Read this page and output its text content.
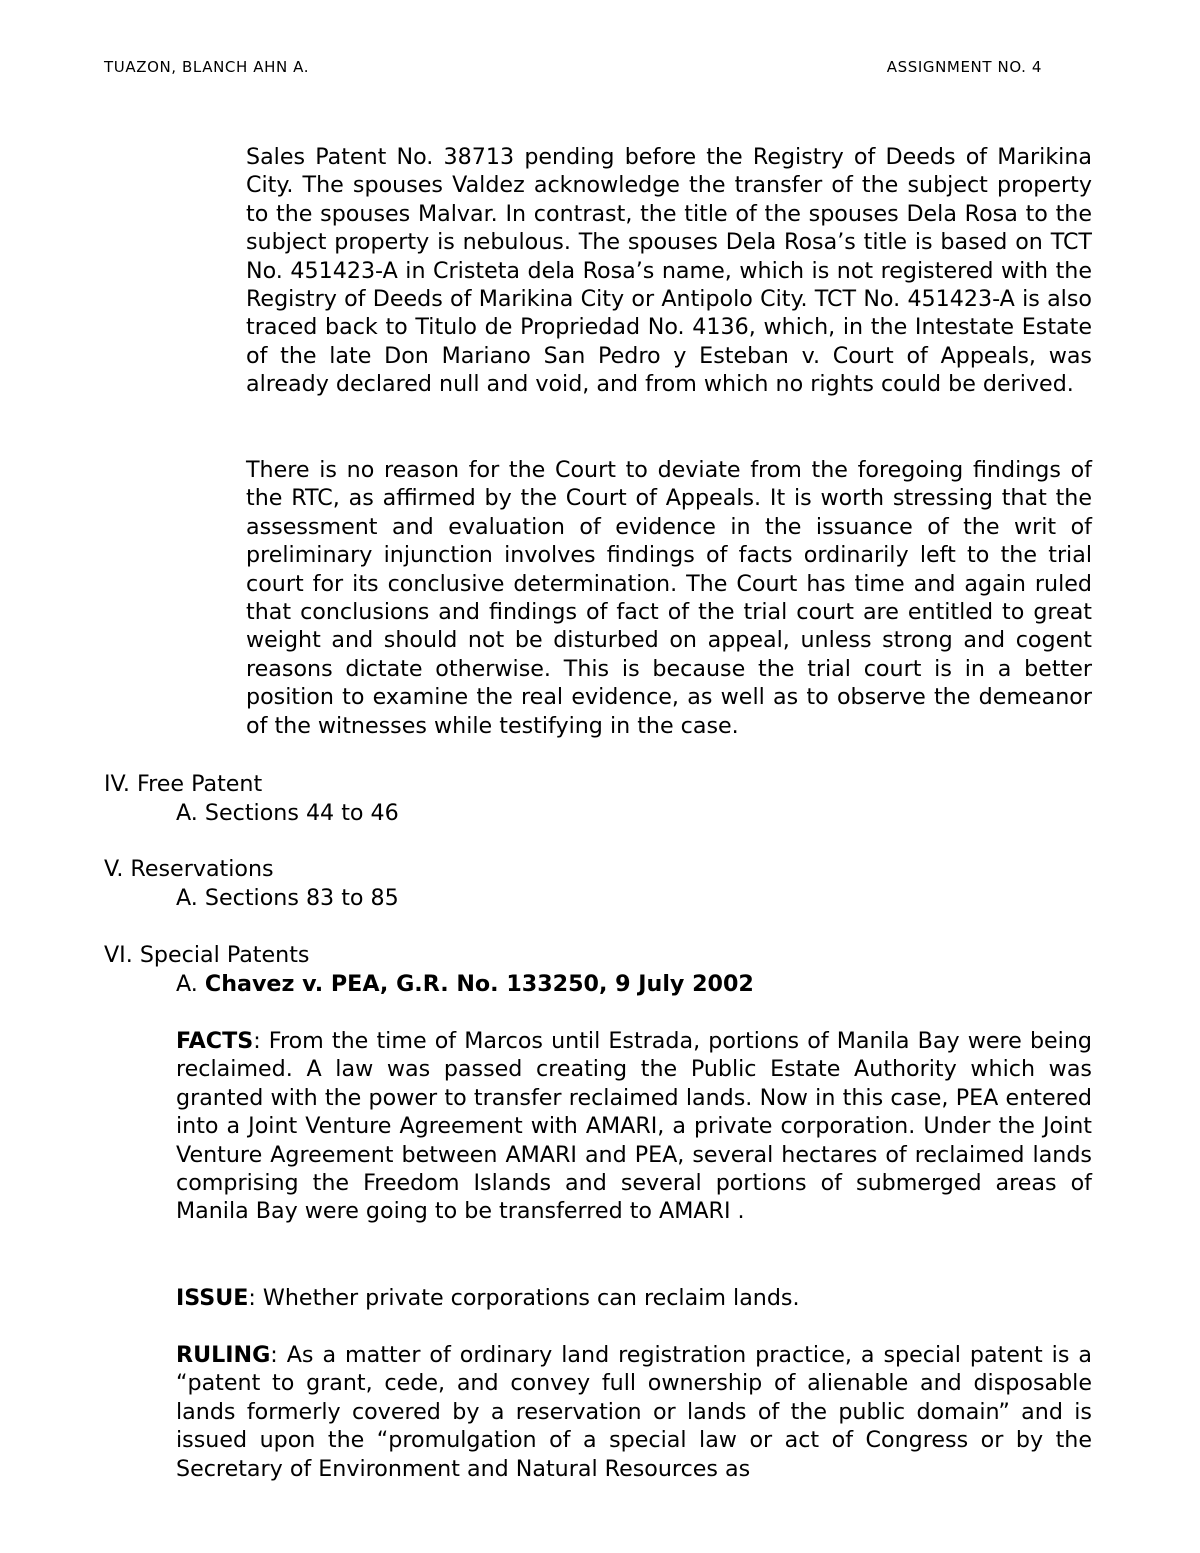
TUAZON, BLANCH AHN A.	ASSIGNMENT NO. 4

Sales Patent No. 38713 pending before the Registry of Deeds of Marikina City. The spouses Valdez acknowledge the transfer of the subject property to the spouses Malvar. In contrast, the title of the spouses Dela Rosa to the subject property is nebulous. The spouses Dela Rosa’s title is based on TCT No. 451423-A in Cristeta dela Rosa’s name, which is not registered with the Registry of Deeds of Marikina City or Antipolo City. TCT No. 451423-A is also traced back to Titulo de Propriedad No. 4136, which, in the Intestate Estate of the late Don Mariano San Pedro y Esteban v. Court of Appeals, was already declared null and void, and from which no rights could be derived.

There is no reason for the Court to deviate from the foregoing findings of the RTC, as affirmed by the Court of Appeals. It is worth stressing that the assessment and evaluation of evidence in the issuance of the writ of preliminary injunction involves findings of facts ordinarily left to the trial court for its conclusive determination. The Court has time and again ruled that conclusions and findings of fact of the trial court are entitled to great weight and should not be disturbed on appeal, unless strong and cogent reasons dictate otherwise. This is because the trial court is in a better position to examine the real evidence, as well as to observe the demeanor of the witnesses while testifying in the case.

IV. Free Patent

A. Sections 44 to 46

V. Reservations

A. Sections 83 to 85

VI. Special Patents

A. Chavez v. PEA, G.R. No. 133250, 9 July 2002

FACTS: From the time of Marcos until Estrada, portions of Manila Bay were being reclaimed. A law was passed creating the Public Estate Authority which was granted with the power to transfer reclaimed lands. Now in this case, PEA entered into a Joint Venture Agreement with AMARI, a private corporation. Under the Joint Venture Agreement between AMARI and PEA, several hectares of reclaimed lands comprising the Freedom Islands and several portions of submerged areas of Manila Bay were going to be transferred to AMARI .

ISSUE: Whether private corporations can reclaim lands.

RULING: As a matter of ordinary land registration practice, a special patent is a “patent to grant, cede, and convey full ownership of alienable and disposable lands formerly covered by a reservation or lands of the public domain” and is issued upon the “promulgation of a special law or act of Congress or by the Secretary of Environment and Natural Resources as
